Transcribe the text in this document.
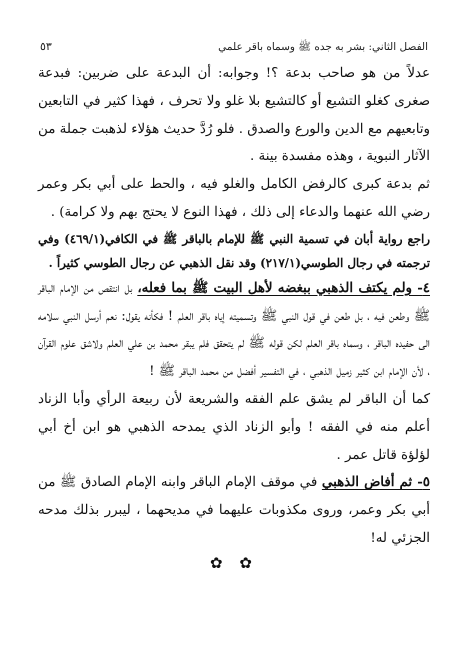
الفصل الثاني: بشر به جده ﷺ وسماه باقر علمي
٥٣

عدلاً من هو صاحب بدعة ؟! وجوابه: أن البدعة على ضربين: فبدعة صغرى كغلو التشيع أو كالتشيع بلا غلو ولا تحرف ، فهذا كثير في التابعين وتابعيهم مع الدين والورع والصدق . فلو رُدَّ حديث هؤلاء لذهبت جملة من الآثار النبوية ، وهذه مفسدة بينة .

ثم بدعة كبرى كالرفض الكامل والغلو فيه ، والحط على أبي بكر وعمر رضي الله عنهما والدعاء إلى ذلك ، فهذا النوع لا يحتج بهم ولا كرامة) .

راجع رواية أبان في تسمية النبي ﷺ للإمام بالباقر ﷺ في الكافي(٤٦٩/١) وفي ترجمته في رجال الطوسي(٢١٧/١) وقد نقل الذهبي عن رجال الطوسي كثيراً .

٤- ولم يكتف الذهبي ببغضه لأهل البيت ﷺ بما فعله، بل انتقص من الإمام الباقر ﷺ وطعن فيه ، بل طعن في قول النبي ﷺ وتسميته إياه باقر العلم ! فكأنه يقول: نعم أرسل النبي سلامه الى حفيده الباقر ، وسماه باقر العلم لكن قوله ﷺ لم يتحقق فلم يبقر محمد بن علي العلم ولاشق علوم القرآن ، لأن الإمام ابن كثير زميل الذهبي ، في التفسير أفضل من محمد الباقر ﷺ !

كما أن الباقر لم يشق علم الفقه والشريعة لأن ربيعة الرأي وأبا الزناد أعلم منه في الفقه ! وأبو الزناد الذي يمدحه الذهبي هو ابن أخ أبي لؤلؤة قاتل عمر .

٥- ثم أفاض الذهبي في موقف الإمام الباقر وابنه الإمام الصادق ﷺ من أبي بكر وعمر، وروى مكذوبات عليهما في مديحهما ، ليبرر بذلك مدحه الجزئي له!

✿ ✿
